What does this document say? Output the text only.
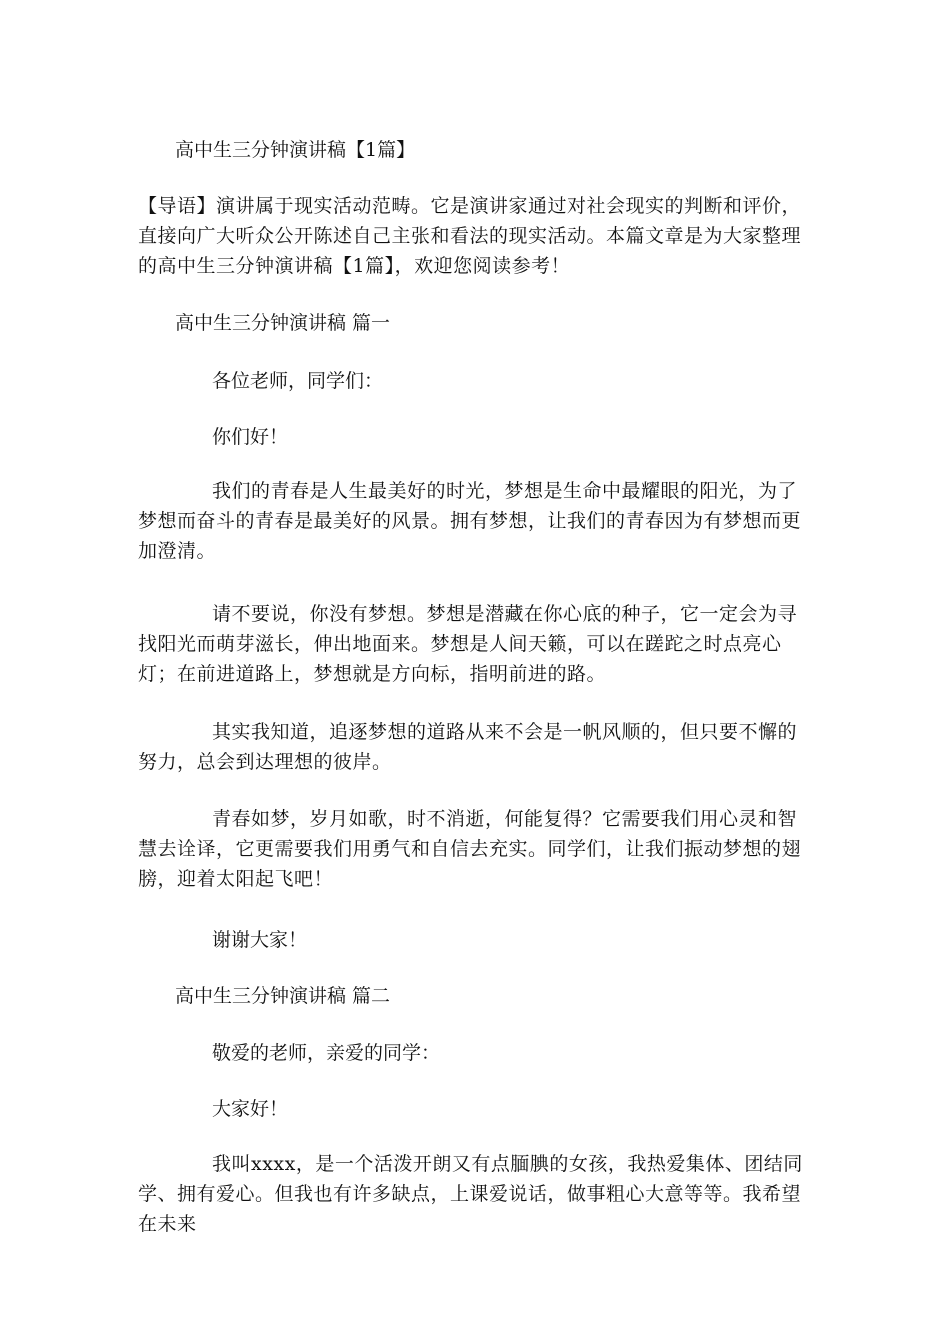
高中生三分钟演讲稿【1篇】

【导语】演讲属于现实活动范畴。它是演讲家通过对社会现实的判断和评价，直接向广大听众公开陈述自己主张和看法的现实活动。本篇文章是为大家整理的高中生三分钟演讲稿【1篇】，欢迎您阅读参考！

高中生三分钟演讲稿 篇一

各位老师，同学们：

你们好！

我们的青春是人生最美好的时光，梦想是生命中最耀眼的阳光，为了梦想而奋斗的青春是最美好的风景。拥有梦想，让我们的青春因为有梦想而更加澄清。

请不要说，你没有梦想。梦想是潜藏在你心底的种子，它一定会为寻找阳光而萌芽滋长，伸出地面来。梦想是人间天籁，可以在蹉跎之时点亮心灯；在前进道路上，梦想就是方向标，指明前进的路。

其实我知道，追逐梦想的道路从来不会是一帆风顺的，但只要不懈的努力，总会到达理想的彼岸。

青春如梦，岁月如歌，时不消逝，何能复得？它需要我们用心灵和智慧去诠译，它更需要我们用勇气和自信去充实。同学们，让我们振动梦想的翅膀，迎着太阳起飞吧！

谢谢大家！

高中生三分钟演讲稿 篇二

敬爱的老师，亲爱的同学：

大家好！

我叫xxxx，是一个活泼开朗又有点腼腆的女孩，我热爱集体、团结同学、拥有爱心。但我也有许多缺点，上课爱说话，做事粗心大意等等。我希望在未来
